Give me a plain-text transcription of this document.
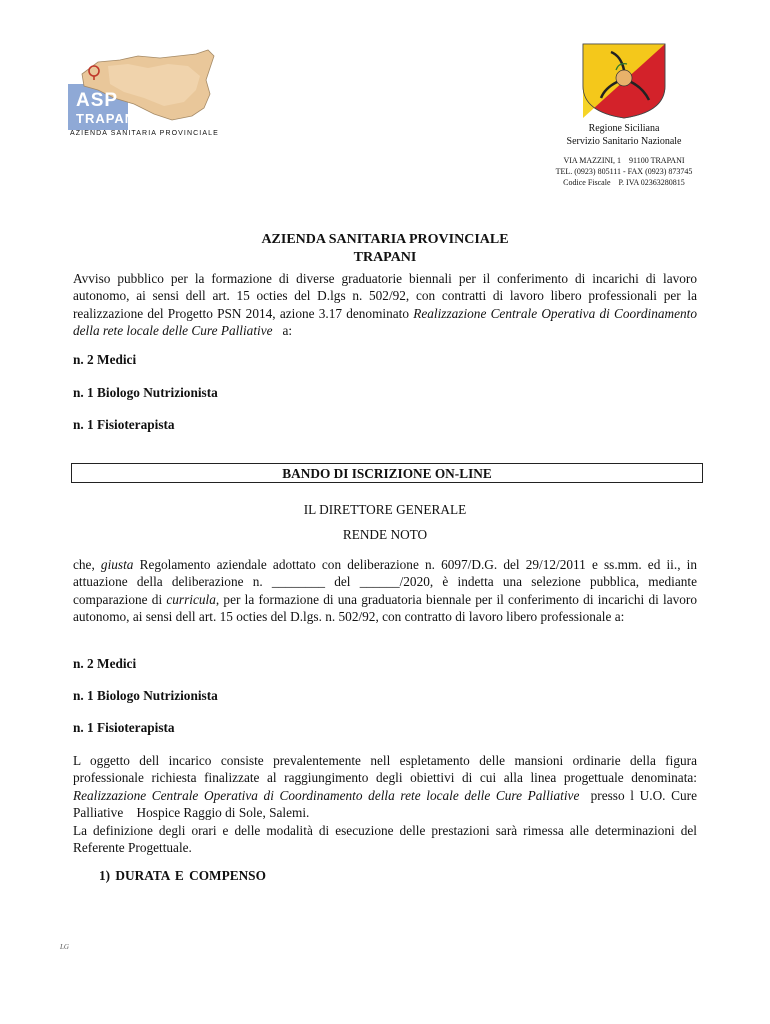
ASP
TRAPANI
AZIENDA SANITARIA PROVINCIALE	Regione Siciliana
Servizio Sanitario Nazionale
VIA MAZZINI, 1    91100 TRAPANI
TEL. (0923) 805111 - FAX (0923) 873745
Codice Fiscale    P. IVA 02363280815
AZIENDA SANITARIA PROVINCIALE
TRAPANI
Avviso pubblico per la formazione di diverse graduatorie biennali per il conferimento di incarichi di lavoro autonomo, ai sensi dell art. 15 octies del D.lgs n. 502/92, con contratti di lavoro libero professionali per la realizzazione del Progetto PSN 2014, azione 3.17 denominato Realizzazione Centrale Operativa di Coordinamento della rete locale delle Cure Palliative   a:
n. 2 Medici
n. 1 Biologo Nutrizionista
n. 1 Fisioterapista
BANDO DI ISCRIZIONE ON-LINE
IL DIRETTORE GENERALE
RENDE NOTO
che, giusta Regolamento aziendale adottato con deliberazione n. 6097/D.G. del 29/12/2011 e ss.mm. ed ii., in attuazione della deliberazione n. ________ del ______/2020, è indetta una selezione pubblica, mediante comparazione di curricula, per la formazione di una graduatoria biennale per il conferimento di incarichi di lavoro autonomo, ai sensi dell art. 15 octies del D.lgs. n. 502/92, con contratto di lavoro libero professionale a:
n. 2 Medici
n. 1 Biologo Nutrizionista
n. 1 Fisioterapista
L oggetto dell incarico consiste prevalentemente nell espletamento delle mansioni ordinarie della figura professionale richiesta finalizzate al raggiungimento degli obiettivi di cui alla linea progettuale denominata:  Realizzazione Centrale Operativa di Coordinamento della rete locale delle Cure Palliative  presso l U.O. Cure Palliative    Hospice Raggio di Sole, Salemi.
La definizione degli orari e delle modalità di esecuzione delle prestazioni sarà rimessa alle determinazioni del Referente Progettuale.
1) DURATA E COMPENSO
LG
